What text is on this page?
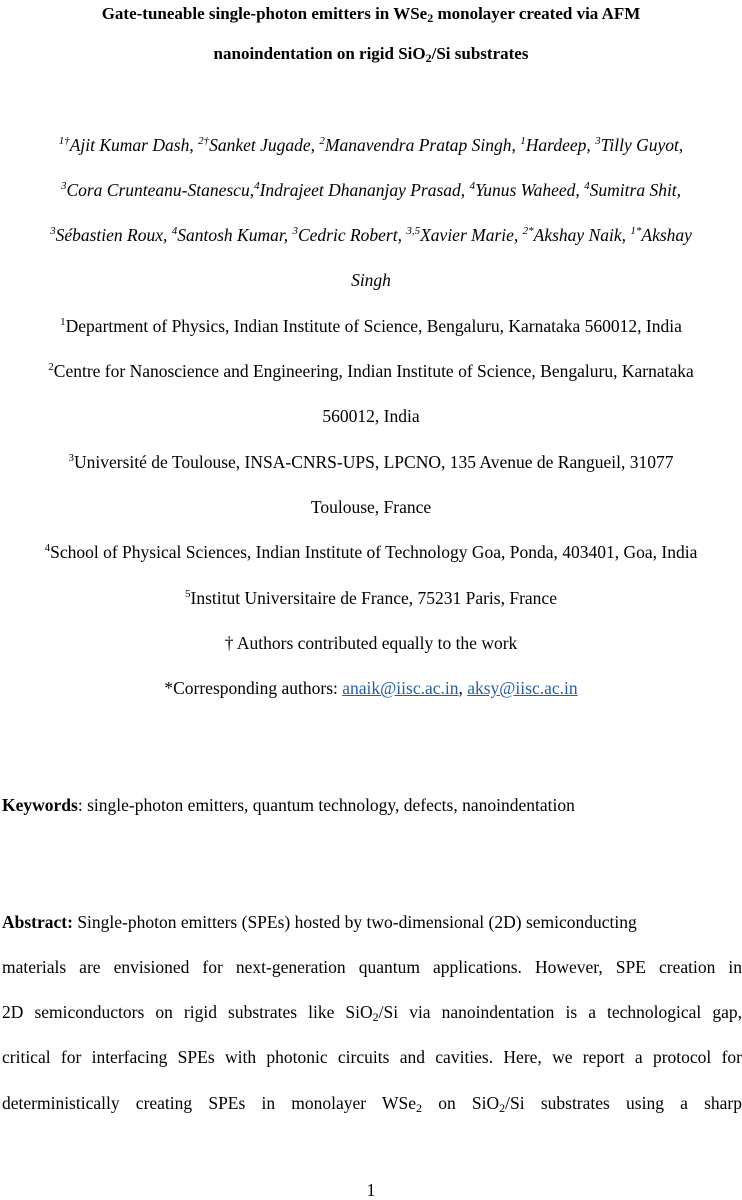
Gate-tuneable single-photon emitters in WSe$_2$ monolayer created via AFM
nanoindentation on rigid SiO$_2$/Si substrates
$^{1\dagger}$Ajit Kumar Dash, $^{2\dagger}$Sanket Jugade, $^2$Manavendra Pratap Singh, $^1$Hardeep, $^3$Tilly Guyot,
$^3$Cora Crunteanu-Stanescu,$^4$Indrajeet Dhananjay Prasad, $^4$Yunus Waheed, $^4$Sumitra Shit,
$^3$Sébastien Roux, $^4$Santosh Kumar, $^3$Cedric Robert, $^{3,5}$Xavier Marie, $^{2*}$Akshay Naik, $^{1*}$Akshay
Singh
$^1$Department of Physics, Indian Institute of Science, Bengaluru, Karnataka 560012, India
$^2$Centre for Nanoscience and Engineering, Indian Institute of Science, Bengaluru, Karnataka
560012, India
$^3$Université de Toulouse, INSA-CNRS-UPS, LPCNO, 135 Avenue de Rangueil, 31077
Toulouse, France
$^4$School of Physical Sciences, Indian Institute of Technology Goa, Ponda, 403401, Goa, India
$^5$Institut Universitaire de France, 75231 Paris, France
† Authors contributed equally to the work
*Corresponding authors: anaik@iisc.ac.in, aksy@iisc.ac.in
Keywords: single-photon emitters, quantum technology, defects, nanoindentation
Abstract: Single-photon emitters (SPEs) hosted by two-dimensional (2D) semiconducting
materials are envisioned for next-generation quantum applications. However, SPE creation in
2D semiconductors on rigid substrates like SiO$_2$/Si via nanoindentation is a technological gap,
critical for interfacing SPEs with photonic circuits and cavities. Here, we report a protocol for
deterministically creating SPEs in monolayer WSe$_2$ on SiO$_2$/Si substrates using a sharp
1
